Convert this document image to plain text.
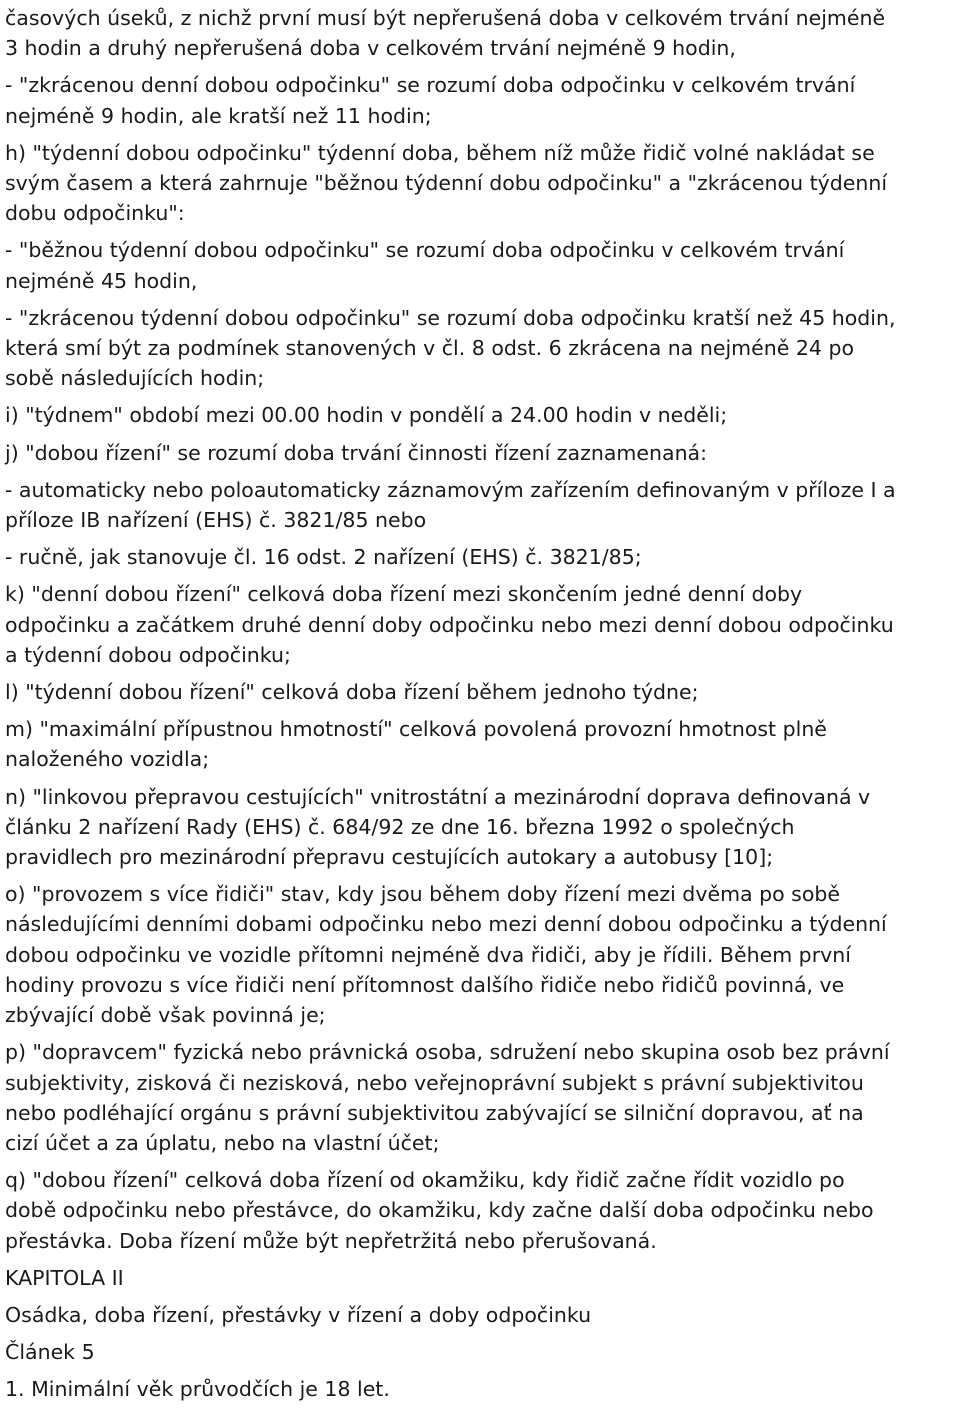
časových úseků, z nichž první musí být nepřerušená doba v celkovém trvání nejméně
3 hodin a druhý nepřerušená doba v celkovém trvání nejméně 9 hodin,
- "zkrácenou denní dobou odpočinku" se rozumí doba odpočinku v celkovém trvání
nejméně 9 hodin, ale kratší než 11 hodin;
h) "týdenní dobou odpočinku" týdenní doba, během níž může řidič volné nakládat se
svým časem a která zahrnuje "běžnou týdenní dobu odpočinku" a "zkrácenou týdenní
dobu odpočinku":
- "běžnou týdenní dobou odpočinku" se rozumí doba odpočinku v celkovém trvání
nejméně 45 hodin,
- "zkrácenou týdenní dobou odpočinku" se rozumí doba odpočinku kratší než 45 hodin,
která smí být za podmínek stanovených v čl. 8 odst. 6 zkrácena na nejméně 24 po
sobě následujících hodin;
i) "týdnem" období mezi 00.00 hodin v pondělí a 24.00 hodin v neděli;
j) "dobou řízení" se rozumí doba trvání činnosti řízení zaznamenaná:
- automaticky nebo poloautomaticky záznamovým zařízením definovaným v příloze I a
příloze IB nařízení (EHS) č. 3821/85 nebo
- ručně, jak stanovuje čl. 16 odst. 2 nařízení (EHS) č. 3821/85;
k) "denní dobou řízení" celková doba řízení mezi skončením jedné denní doby
odpočinku a začátkem druhé denní doby odpočinku nebo mezi denní dobou odpočinku
a týdenní dobou odpočinku;
l) "týdenní dobou řízení" celková doba řízení během jednoho týdne;
m) "maximální přípustnou hmotností" celková povolená provozní hmotnost plně
naloženého vozidla;
n) "linkovou přepravou cestujících" vnitrostátní a mezinárodní doprava definovaná v
článku 2 nařízení Rady (EHS) č. 684/92 ze dne 16. března 1992 o společných
pravidlech pro mezinárodní přepravu cestujících autokary a autobusy [10];
o) "provozem s více řidiči" stav, kdy jsou během doby řízení mezi dvěma po sobě
následujícími denními dobami odpočinku nebo mezi denní dobou odpočinku a týdenní
dobou odpočinku ve vozidle přítomni nejméně dva řidiči, aby je řídili. Během první
hodiny provozu s více řidiči není přítomnost dalšího řidiče nebo řidičů povinná, ve
zbývající době však povinná je;
p) "dopravcem" fyzická nebo právnická osoba, sdružení nebo skupina osob bez právní
subjektivity, zisková či nezisková, nebo veřejnoprávní subjekt s právní subjektivitou
nebo podléhající orgánu s právní subjektivitou zabývající se silniční dopravou, ať na
cizí účet a za úplatu, nebo na vlastní účet;
q) "dobou řízení" celková doba řízení od okamžiku, kdy řidič začne řídit vozidlo po
době odpočinku nebo přestávce, do okamžiku, kdy začne další doba odpočinku nebo
přestávka. Doba řízení může být nepřetržitá nebo přerušovaná.
KAPITOLA II
Osádka, doba řízení, přestávky v řízení a doby odpočinku
Článek 5
1. Minimální věk průvodčích je 18 let.
